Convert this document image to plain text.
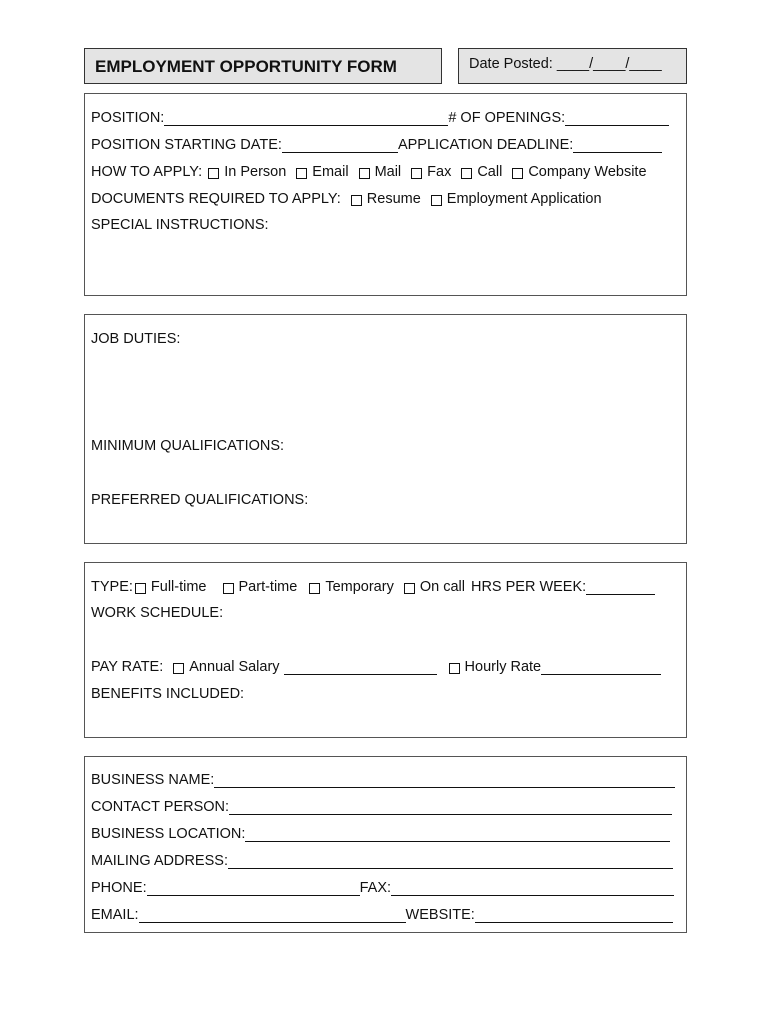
EMPLOYMENT OPPORTUNITY FORM	Date Posted: ____/____/____
POSITION:	# OF OPENINGS:
POSITION STARTING DATE:	APPLICATION DEADLINE:
HOW TO APPLY: In Person Email Mail Fax Call Company Website
DOCUMENTS REQUIRED TO APPLY: Resume Employment Application
SPECIAL INSTRUCTIONS:
JOB DUTIES:
MINIMUM QUALIFICATIONS:
PREFERRED QUALIFICATIONS:
TYPE: Full-time Part-time Temporary On call HRS PER WEEK:
WORK SCHEDULE:
PAY RATE: Annual Salary	Hourly Rate
BENEFITS INCLUDED:
BUSINESS NAME:
CONTACT PERSON:
BUSINESS LOCATION:
MAILING ADDRESS:
PHONE:	FAX:
EMAIL:	WEBSITE:
